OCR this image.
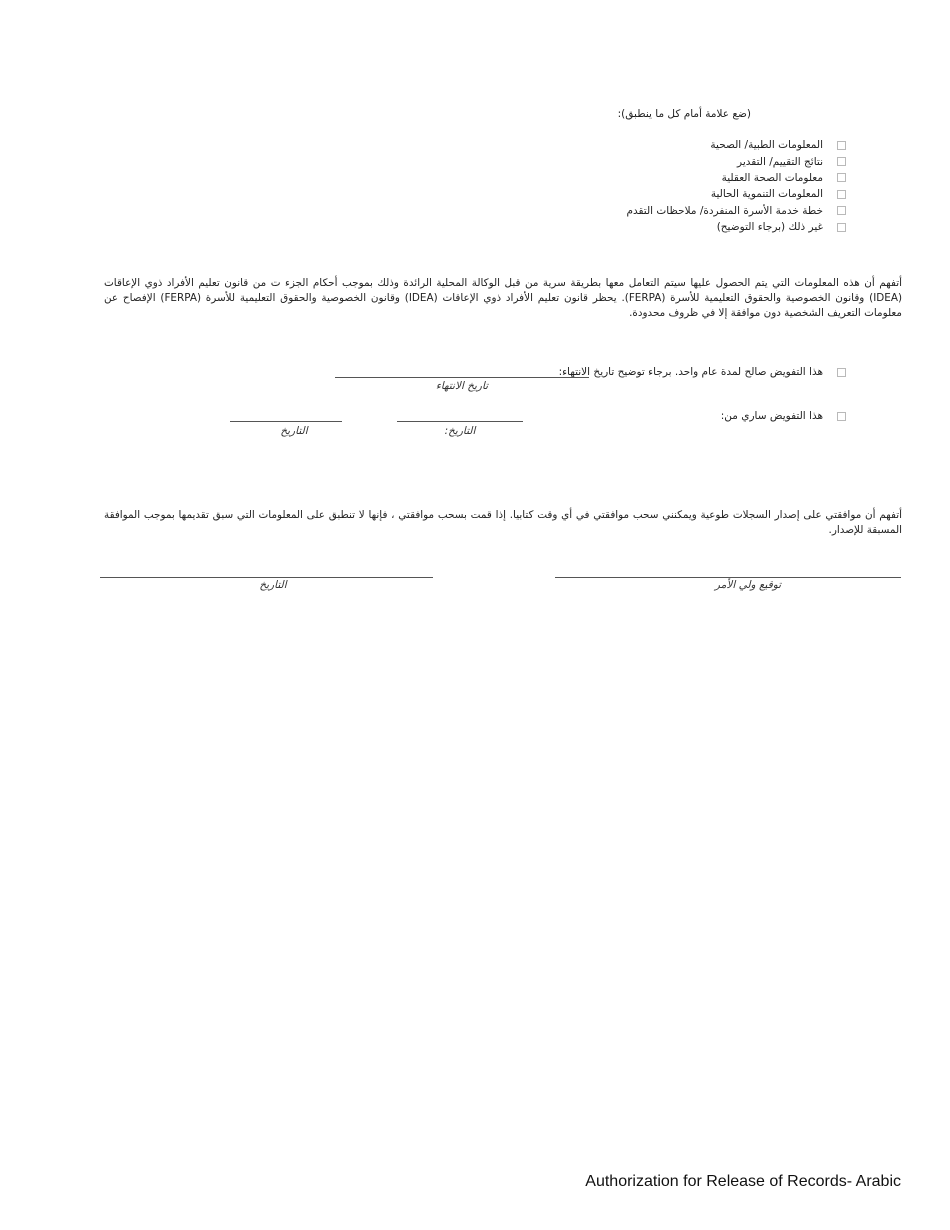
(ضع علامة أمام كل ما ينطبق):
المعلومات الطبية/ الصحية
نتائج التقييم/ التقدير
معلومات الصحة العقلية
المعلومات التنموية الحالية
خطة خدمة الأسرة المنفردة/ ملاحظات التقدم
غير ذلك (برجاء التوضيح)
أتفهم أن هذه المعلومات التي يتم الحصول عليها سيتم التعامل معها بطريقة سرية من قبل الوكالة المحلية الرائدة وذلك بموجب أحكام الجزء ت من قانون تعليم الأفراد ذوي الإعاقات (IDEA) وقانون الخصوصية والحقوق التعليمية للأسرة (FERPA). يحظر قانون تعليم الأفراد ذوي الإعاقات (IDEA) وقانون الخصوصية والحقوق التعليمية للأسرة (FERPA) الإفصاح عن معلومات التعريف الشخصية دون موافقة إلا في ظروف محدودة.
هذا التفويض صالح لمدة عام واحد. برجاء توضيح تاريخ الانتهاء:
تاريخ الانتهاء
هذا التفويض ساري من:
التاريخ:
التاريخ
أتفهم أن موافقتي على إصدار السجلات طوعية ويمكنني سحب موافقتي في أي وقت كتابيا. إذا قمت بسحب موافقتي ، فإنها لا تنطبق على المعلومات التي سبق تقديمها بموجب الموافقة المسبقة للإصدار.
توقيع ولي الأمر
التاريخ
Authorization for Release of Records- Arabic
